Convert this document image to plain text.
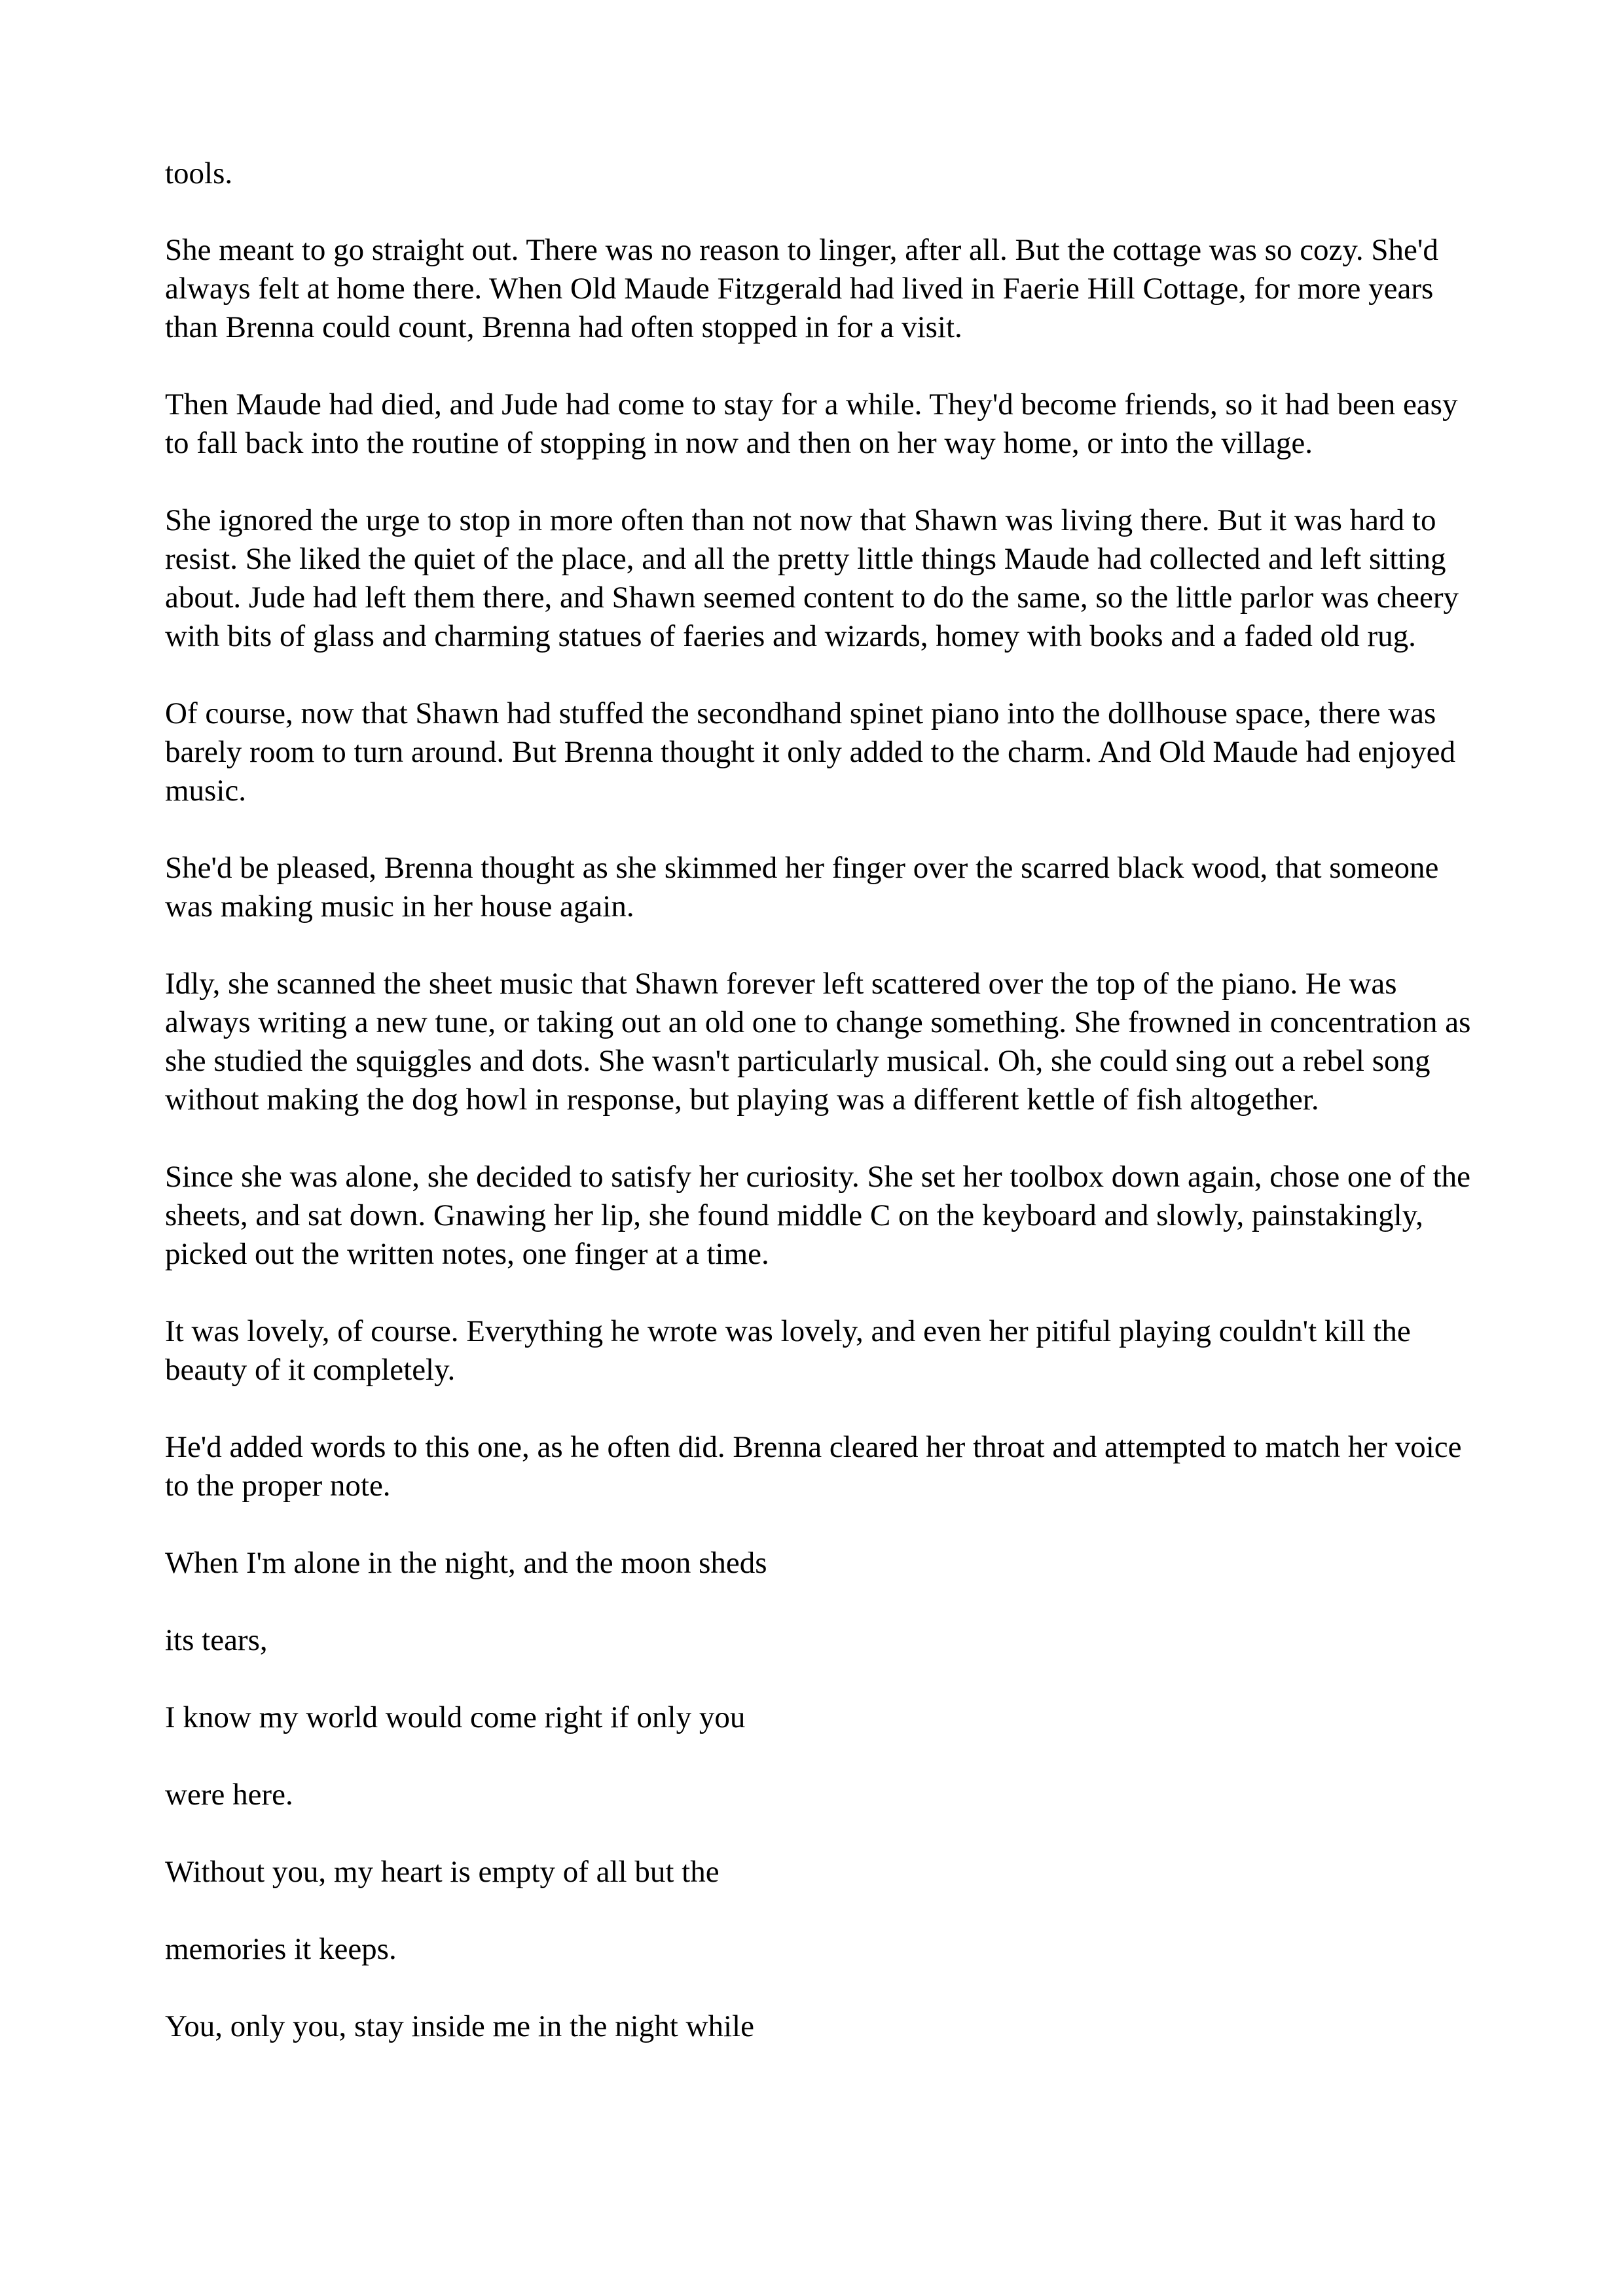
tools.

She meant to go straight out. There was no reason to linger, after all. But the cottage was so cozy. She'd always felt at home there. When Old Maude Fitzgerald had lived in Faerie Hill Cottage, for more years than Brenna could count, Brenna had often stopped in for a visit.

Then Maude had died, and Jude had come to stay for a while. They'd become friends, so it had been easy to fall back into the routine of stopping in now and then on her way home, or into the village.

She ignored the urge to stop in more often than not now that Shawn was living there. But it was hard to resist. She liked the quiet of the place, and all the pretty little things Maude had collected and left sitting about. Jude had left them there, and Shawn seemed content to do the same, so the little parlor was cheery with bits of glass and charming statues of faeries and wizards, homey with books and a faded old rug.

Of course, now that Shawn had stuffed the secondhand spinet piano into the dollhouse space, there was barely room to turn around. But Brenna thought it only added to the charm. And Old Maude had enjoyed music.

She'd be pleased, Brenna thought as she skimmed her finger over the scarred black wood, that someone was making music in her house again.

Idly, she scanned the sheet music that Shawn forever left scattered over the top of the piano. He was always writing a new tune, or taking out an old one to change something. She frowned in concentration as she studied the squiggles and dots. She wasn't particularly musical. Oh, she could sing out a rebel song without making the dog howl in response, but playing was a different kettle of fish altogether.

Since she was alone, she decided to satisfy her curiosity. She set her toolbox down again, chose one of the sheets, and sat down. Gnawing her lip, she found middle C on the keyboard and slowly, painstakingly, picked out the written notes, one finger at a time.

It was lovely, of course. Everything he wrote was lovely, and even her pitiful playing couldn't kill the beauty of it completely.

He'd added words to this one, as he often did. Brenna cleared her throat and attempted to match her voice to the proper note.

When I'm alone in the night, and the moon sheds

its tears,

I know my world would come right if only you

were here.

Without you, my heart is empty of all but the

memories it keeps.

You, only you, stay inside me in the night while
